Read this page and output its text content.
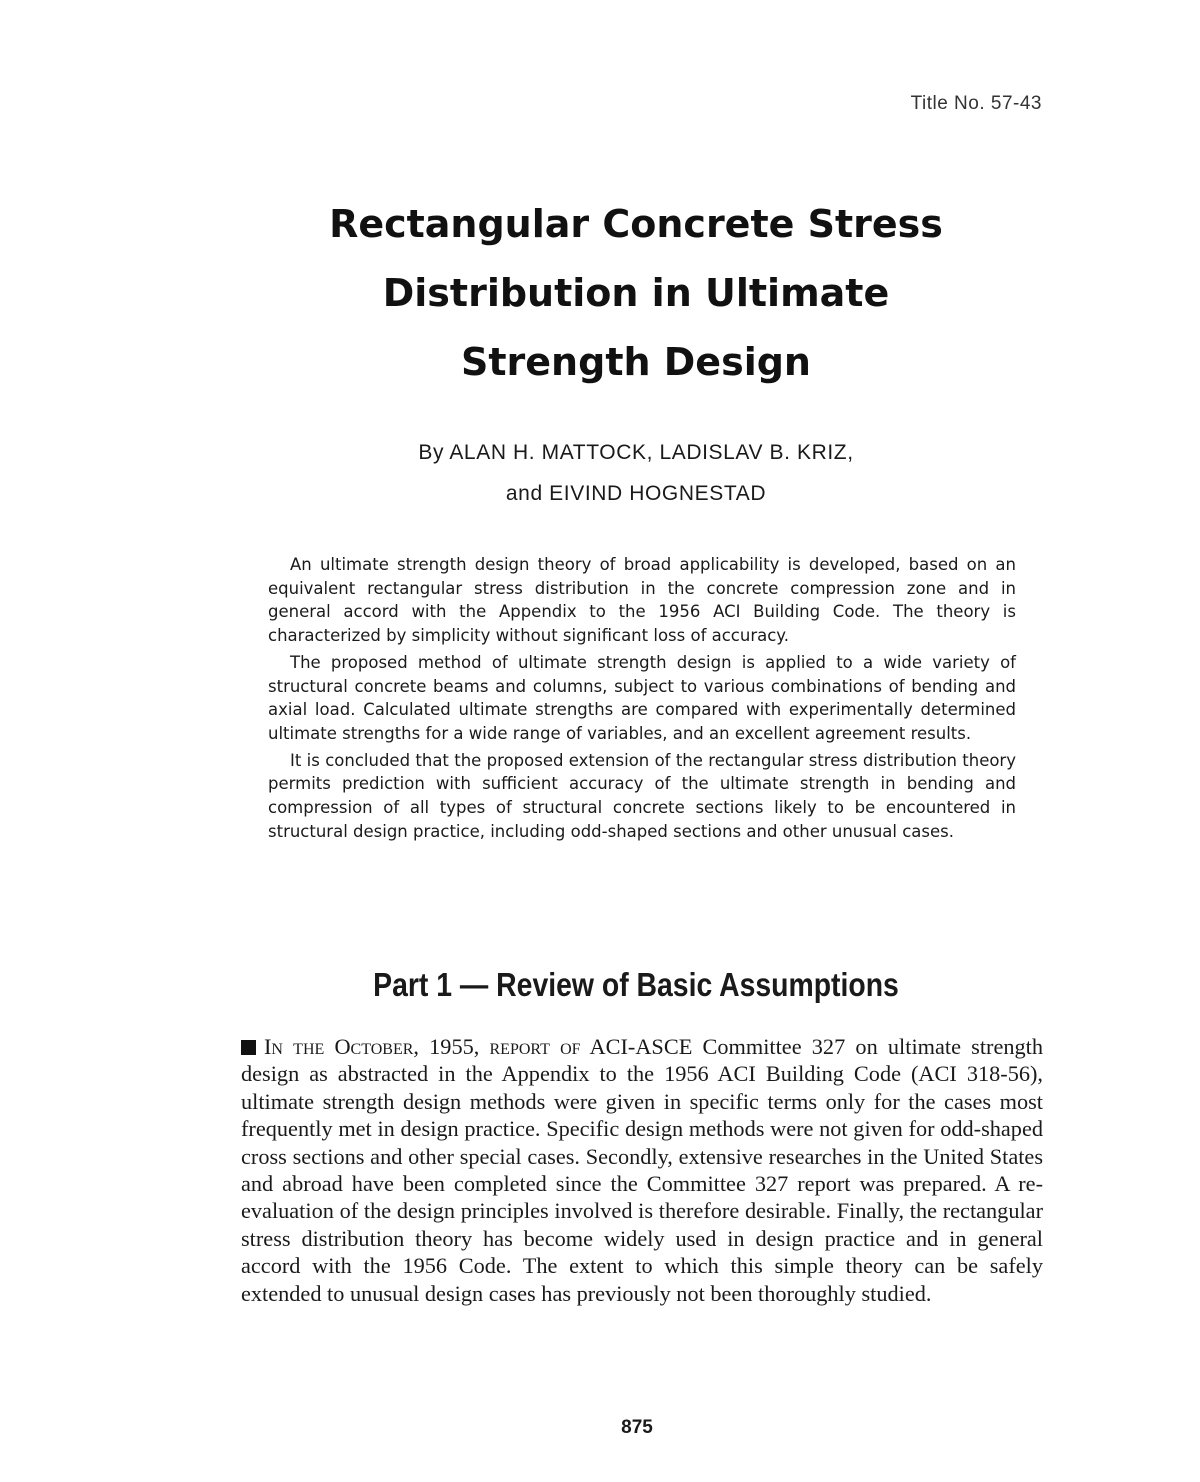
Title No. 57-43
Rectangular Concrete Stress
Distribution in Ultimate
Strength Design
By ALAN H. MATTOCK, LADISLAV B. KRIZ,
and EIVIND HOGNESTAD

An ultimate strength design theory of broad applicability is developed, based on an equivalent rectangular stress distribution in the concrete compression zone and in general accord with the Appendix to the 1956 ACI Building Code. The theory is characterized by simplicity without significant loss of accuracy.

The proposed method of ultimate strength design is applied to a wide variety of structural concrete beams and columns, subject to various combinations of bending and axial load. Calculated ultimate strengths are compared with experimentally determined ultimate strengths for a wide range of variables, and an excellent agreement results.

It is concluded that the proposed extension of the rectangular stress distribution theory permits prediction with sufficient accuracy of the ultimate strength in bending and compression of all types of structural concrete sections likely to be encountered in structural design practice, including odd-shaped sections and other unusual cases.

Part 1 — Review of Basic Assumptions

In the October, 1955, report of ACI-ASCE Committee 327 on ultimate strength design as abstracted in the Appendix to the 1956 ACI Building Code (ACI 318-56), ultimate strength design methods were given in specific terms only for the cases most frequently met in design practice. Specific design methods were not given for odd-shaped cross sections and other special cases. Secondly, extensive researches in the United States and abroad have been completed since the Committee 327 report was prepared. A re-evaluation of the design principles involved is therefore desirable. Finally, the rectangular stress distribution theory has become widely used in design practice and in general accord with the 1956 Code. The extent to which this simple theory can be safely extended to unusual design cases has previously not been thoroughly studied.

875
